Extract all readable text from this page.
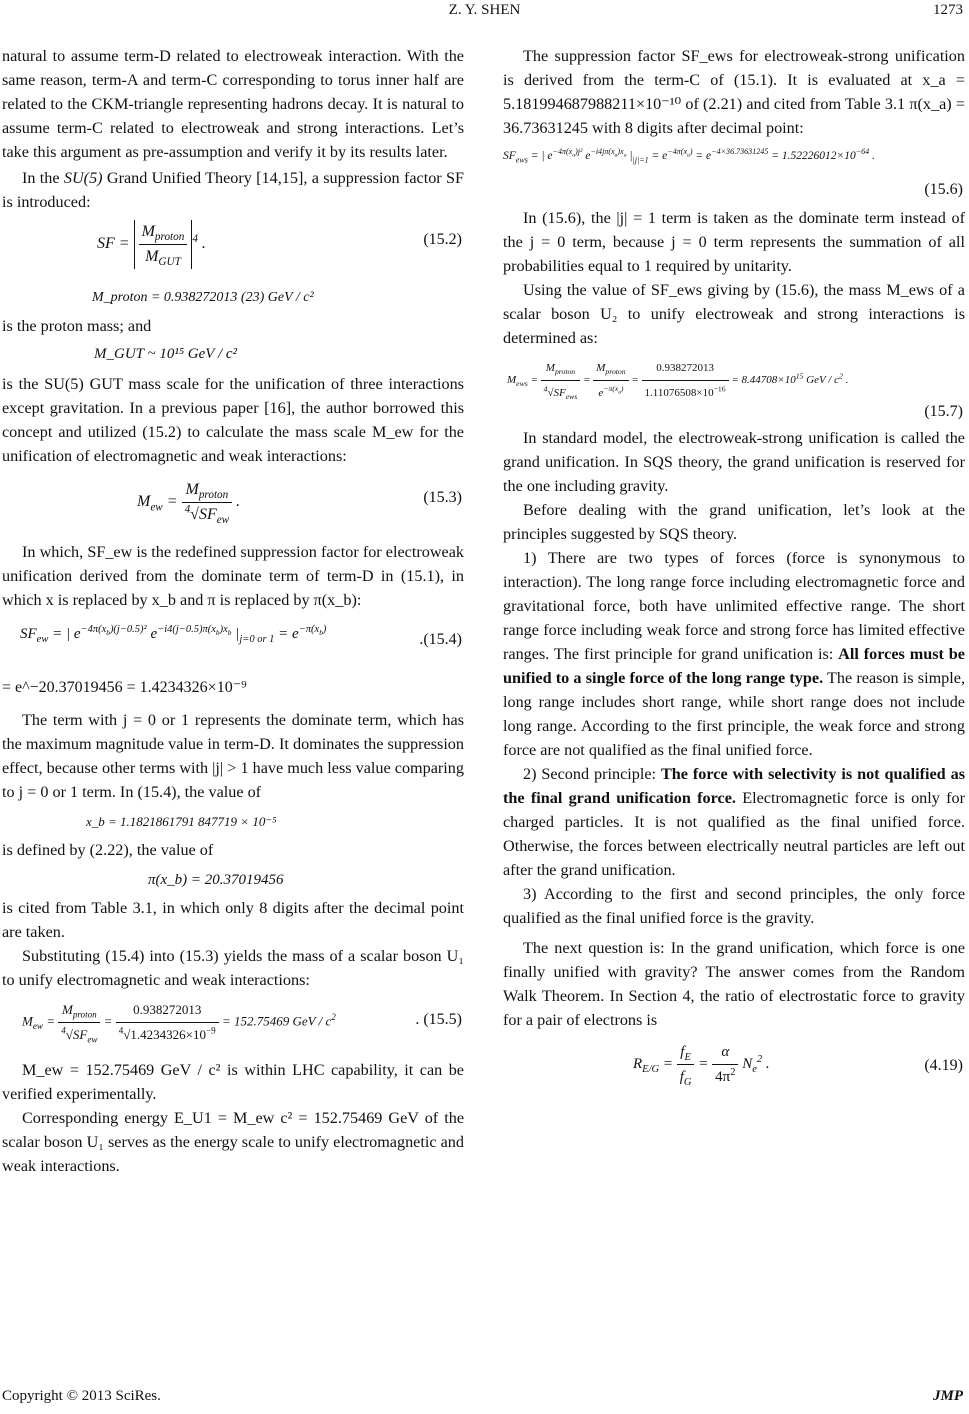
Z. Y. SHEN	1273

natural to assume term-D related to electroweak interaction. With the same reason, term-A and term-C corresponding to torus inner half are related to the CKM-triangle representing hadrons decay. It is natural to assume term-C related to electroweak and strong interactions. Let’s take this argument as pre-assumption and verify it by its results later.

In the SU(5) Grand Unified Theory [14,15], a suppression factor SF is introduced:

SF = $\frac{M_{proton}}{M_{GUT}} ^4$ .	(15.2)
M_proton = 0.938272013 (23) GeV / c²

is the proton mass; and

M_GUT ~ 10¹⁵ GeV / c²

is the SU(5) GUT mass scale for the unification of three interactions except gravitation. In a previous paper [16], the author borrowed this concept and utilized (15.2) to calculate the mass scale M_ew for the unification of electromagnetic and weak interactions:

$M_{ew} = \frac{M_{proton}}{^4√SF_{ew}}$ .	(15.3)

In which, SF_ew is the redefined suppression factor for electroweak unification derived from the dominate term of term-D in (15.1), in which x is replaced by x_b and π is replaced by π(x_b):

$SF_{ew}$ = | $e^{-4\pi(x_b)(j-0.5)^2}$ $e^{-i4(j-0.5)\pi(x_b)x_b}$ $|_{j=0 or 1} = e^{-\pi(x_b)}$
.(15.4)
= e^−20.37019456 = 1.4234326×10⁻⁹

The term with j = 0 or 1 represents the dominate term, which has the maximum magnitude value in term-D. It dominates the suppression effect, because other terms with |j| > 1 have much less value comparing to j = 0 or 1 term. In (15.4), the value of

x_b = 1.1821861791 847719 × 10⁻⁵

is defined by (2.22), the value of

π(x_b) = 20.37019456

is cited from Table 3.1, in which only 8 digits after the decimal point are taken.

Substituting (15.4) into (15.3) yields the mass of a scalar boson U₁ to unify electromagnetic and weak interactions:

$M_{ew} = \frac{M_{proton}}{^4√SF_{ew}} = \frac{0.938272013}{^4√1.4234326\times 10^{-9}} = 152.75469$ GeV / $c^2$	. (15.5)

M_ew = 152.75469 GeV / c² is within LHC capability, it can be verified experimentally.

Corresponding energy E_U1 = M_ew c² = 152.75469 GeV of the scalar boson U₁ serves as the energy scale to unify electromagnetic and weak interactions.

The suppression factor SF_ews for electroweak-strong unification is derived from the term-C of (15.1). It is evaluated at x_a = 5.181994687988211×10⁻¹⁰ of (2.21) and cited from Table 3.1 π(x_a) = 36.73631245 with 8 digits after decimal point:

$SF_{ews}$ = | $e^{-4\pi(x_a)j^2}$ $e^{-i4j\pi(x_a)x_a}$ $|_{|j|=1} = e^{-4\pi(x_a)} = e^{-4\times 36.73631245} = 1.52226012\times 10^{-64}$ .
(15.6)

In (15.6), the |j| = 1 term is taken as the dominate term instead of the j = 0 term, because j = 0 term represents the summation of all probabilities equal to 1 required by unitarity.

Using the value of SF_ews giving by (15.6), the mass M_ews of a scalar boson U₂ to unify electroweak and strong interactions is determined as:

$M_{ews} = \frac{M_{proton}}{^4√SF_{ews}} = \frac{M_{proton}}{e^{-\pi(x_a)}} = \frac{0.938272013}{1.11076508\times 10^{-16}} = 8.44708\times 10^{15}$ GeV / $c^2$ .
(15.7)

In standard model, the electroweak-strong unification is called the grand unification. In SQS theory, the grand unification is reserved for the one including gravity.

Before dealing with the grand unification, let’s look at the principles suggested by SQS theory.

1) There are two types of forces (force is synonymous to interaction). The long range force including electromagnetic force and gravitational force, both have unlimited effective range. The short range force including weak force and strong force has limited effective ranges. The first principle for grand unification is: All forces must be unified to a single force of the long range type. The reason is simple, long range includes short range, while short range does not include long range. According to the first principle, the weak force and strong force are not qualified as the final unified force.

2) Second principle: The force with selectivity is not qualified as the final grand unification force. Electromagnetic force is only for charged particles. It is not qualified as the final unified force. Otherwise, the forces between electrically neutral particles are left out after the grand unification.

3) According to the first and second principles, the only force qualified as the final unified force is the gravity.

The next question is: In the grand unification, which force is one finally unified with gravity? The answer comes from the Random Walk Theorem. In Section 4, the ratio of electrostatic force to gravity for a pair of electrons is

$R_{E/G} = \frac{f_E}{f_G} = \frac{\alpha}{4\pi^2} N_e^2$ .	(4.19)
Copyright © 2013 SciRes.	JMP
